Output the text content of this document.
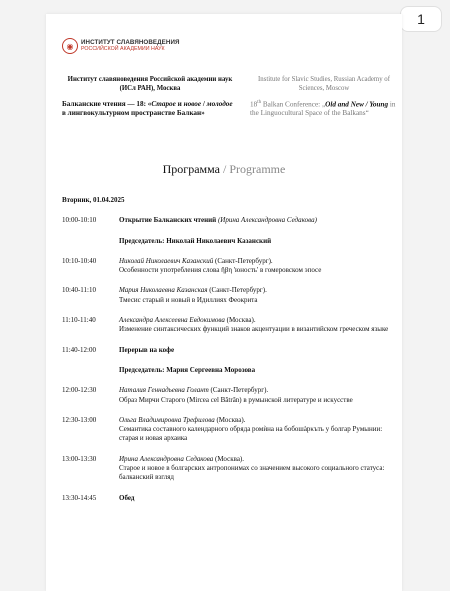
1
◉	ИНСТИТУТ СЛАВЯНОВЕДЕНИЯ
РОССИЙСКОЙ АКАДЕМИИ НАУК
Институт славяноведения Российской академии наук (ИСл РАН), Москва
Балканские чтения — 18: «Старое и новое / молодое в лингвокультурном пространстве Балкан»
Institute for Slavic Studies, Russian Academy of Sciences, Moscow
18th Balkan Conference: „Old and New / Young in the Linguocultural Space of the Balkans“
Программа / Programme
Вторник, 01.04.2025
10:00-10:10	Открытие Балканских чтений (Ирина Александровна Седакова)
Председатель: Николай Николаевич Казанский
10:10-10:40	Николай Николаевич Казанский (Санкт-Петербург).
Особенности употребления слова ἥβη 'юность' в гомеровском эпосе
10:40-11:10	Мария Николаевна Казанская (Санкт-Петербург).
Тмесис старый и новый в Идиллиях Феокрита
11:10-11:40	Александра Алексеевна Евдокимова (Москва).
Изменение синтаксических функций знаков акцентуации в византийском греческом языке
11:40-12:00	Перерыв на кофе
Председатель: Мария Сергеевна Морозова
12:00-12:30	Наталия Геннадьевна Голант (Санкт-Петербург).
Образ Мирчи Старого (Mircea cel Bătrân) в румынской литературе и искусстве
12:30-13:00	Ольга Владимировна Трефилова (Москва).
Семантика составного календарного обряда ромѝна на бобошàрκъть у болгар Румынии: старая и новая архаика
13:00-13:30	Ирина Александровна Седакова (Москва).
Старое и новое в болгарских антропонимах со значением высокого социального статуса: балканский взгляд
13:30-14:45	Обед
